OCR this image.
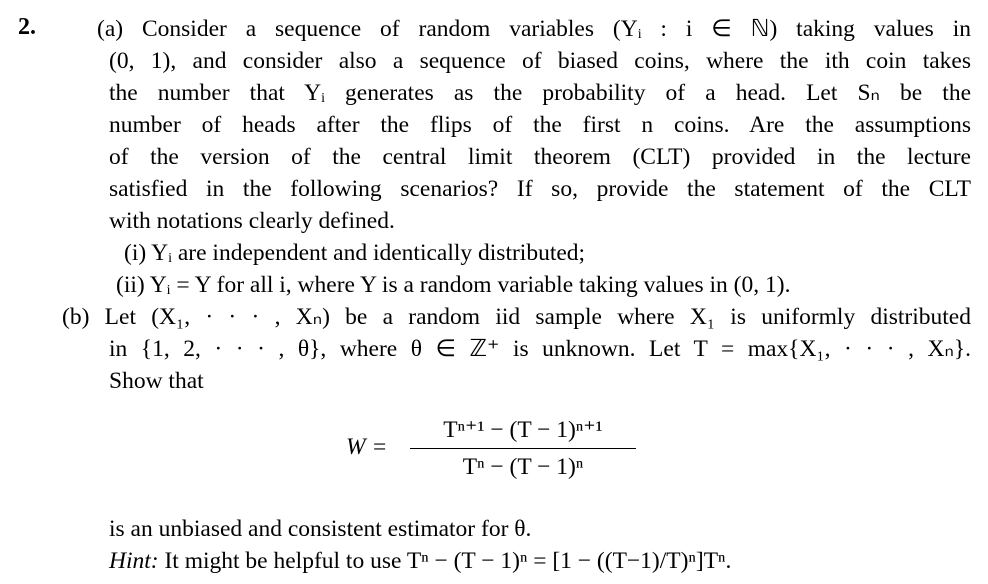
2.	(a) Consider a sequence of random variables (Yᵢ : i ∈ ℕ) taking values in
(0, 1), and consider also a sequence of biased coins, where the ith coin takes
the number that Yᵢ generates as the probability of a head. Let Sₙ be the
number of heads after the flips of the first n coins. Are the assumptions
of the version of the central limit theorem (CLT) provided in the lecture
satisfied in the following scenarios? If so, provide the statement of the CLT
with notations clearly defined.
(i) Yᵢ are independent and identically distributed;
(ii) Yᵢ = Y for all i, where Y is a random variable taking values in (0, 1).
(b) Let (X₁, · · · , Xₙ) be a random iid sample where X₁ is uniformly distributed
in {1, 2, · · · , θ}, where θ ∈ ℤ⁺ is unknown. Let T = max{X₁, · · · , Xₙ}.
Show that
W =
Tⁿ⁺¹ − (T − 1)ⁿ⁺¹
Tⁿ − (T − 1)ⁿ
is an unbiased and consistent estimator for θ.
Hint: It might be helpful to use Tⁿ − (T − 1)ⁿ = [1 − ((T−1)/T)ⁿ]Tⁿ.
